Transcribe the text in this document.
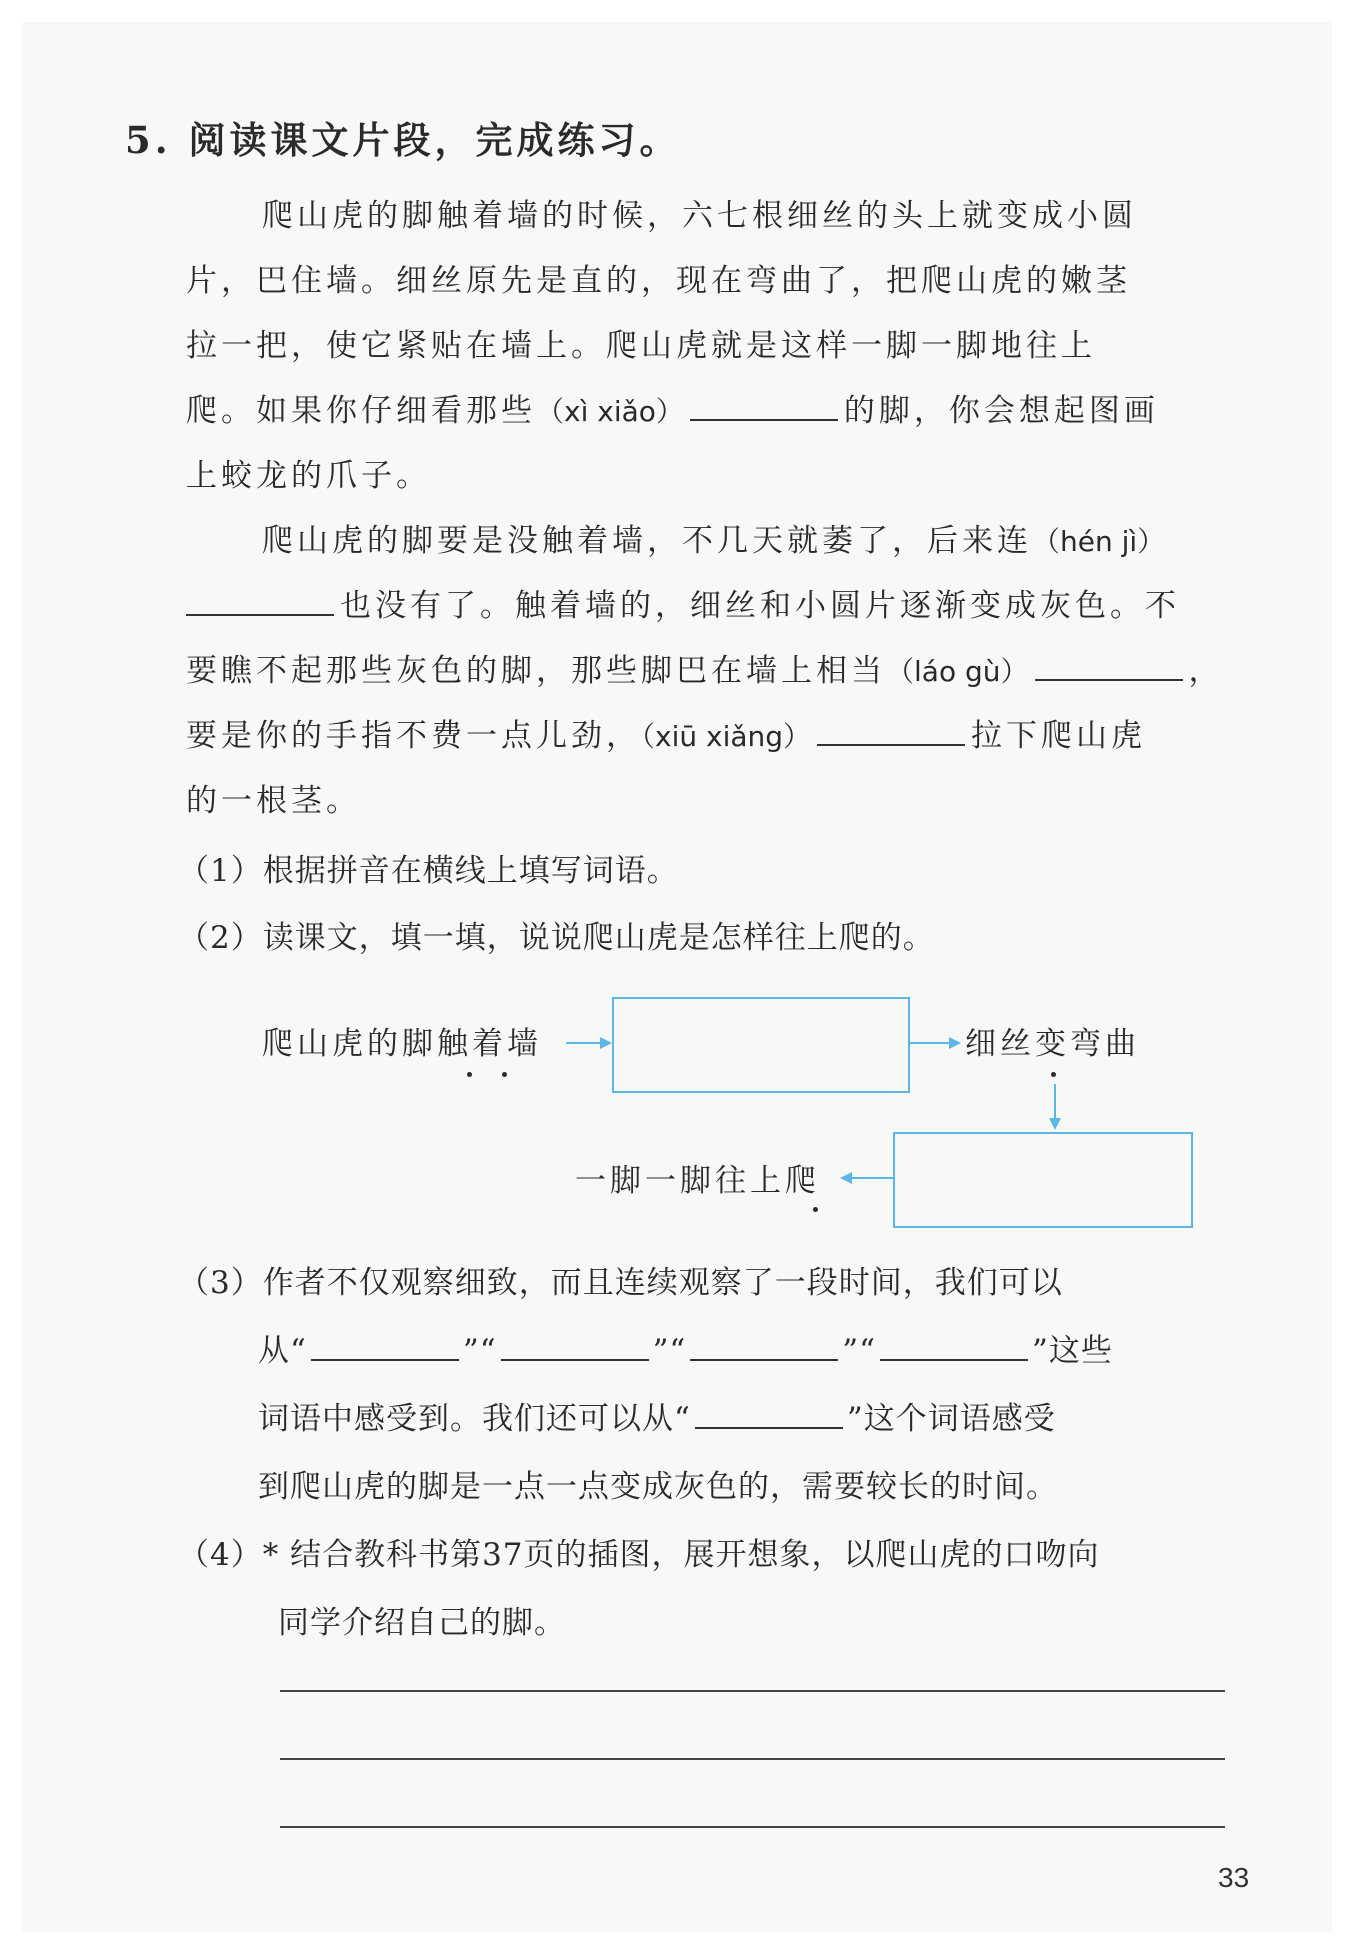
5. 阅读课文片段，完成练习。
爬山虎的脚触着墙的时候，六七根细丝的头上就变成小圆
片，巴住墙。细丝原先是直的，现在弯曲了，把爬山虎的嫩茎
拉一把，使它紧贴在墙上。爬山虎就是这样一脚一脚地往上
爬。如果你仔细看那些（xì xiǎo）	的脚，你会想起图画
上蛟龙的爪子。
爬山虎的脚要是没触着墙，不几天就萎了，后来连（hén jì）
也没有了。触着墙的，细丝和小圆片逐渐变成灰色。不
要瞧不起那些灰色的脚，那些脚巴在墙上相当（láo gù）	，
要是你的手指不费一点儿劲，（xiū xiǎng）	拉下爬山虎
的一根茎。
（1）根据拼音在横线上填写词语。
（2）读课文，填一填，说说爬山虎是怎样往上爬的。
爬山虎的脚触着墙	细丝变弯曲
一脚一脚往上爬
（3）作者不仅观察细致，而且连续观察了一段时间，我们可以
从“	”“	”“	”“	”这些
词语中感受到。我们还可以从“	”这个词语感受
到爬山虎的脚是一点一点变成灰色的，需要较长的时间。
（4）* 结合教科书第37页的插图，展开想象，以爬山虎的口吻向
同学介绍自己的脚。
33
